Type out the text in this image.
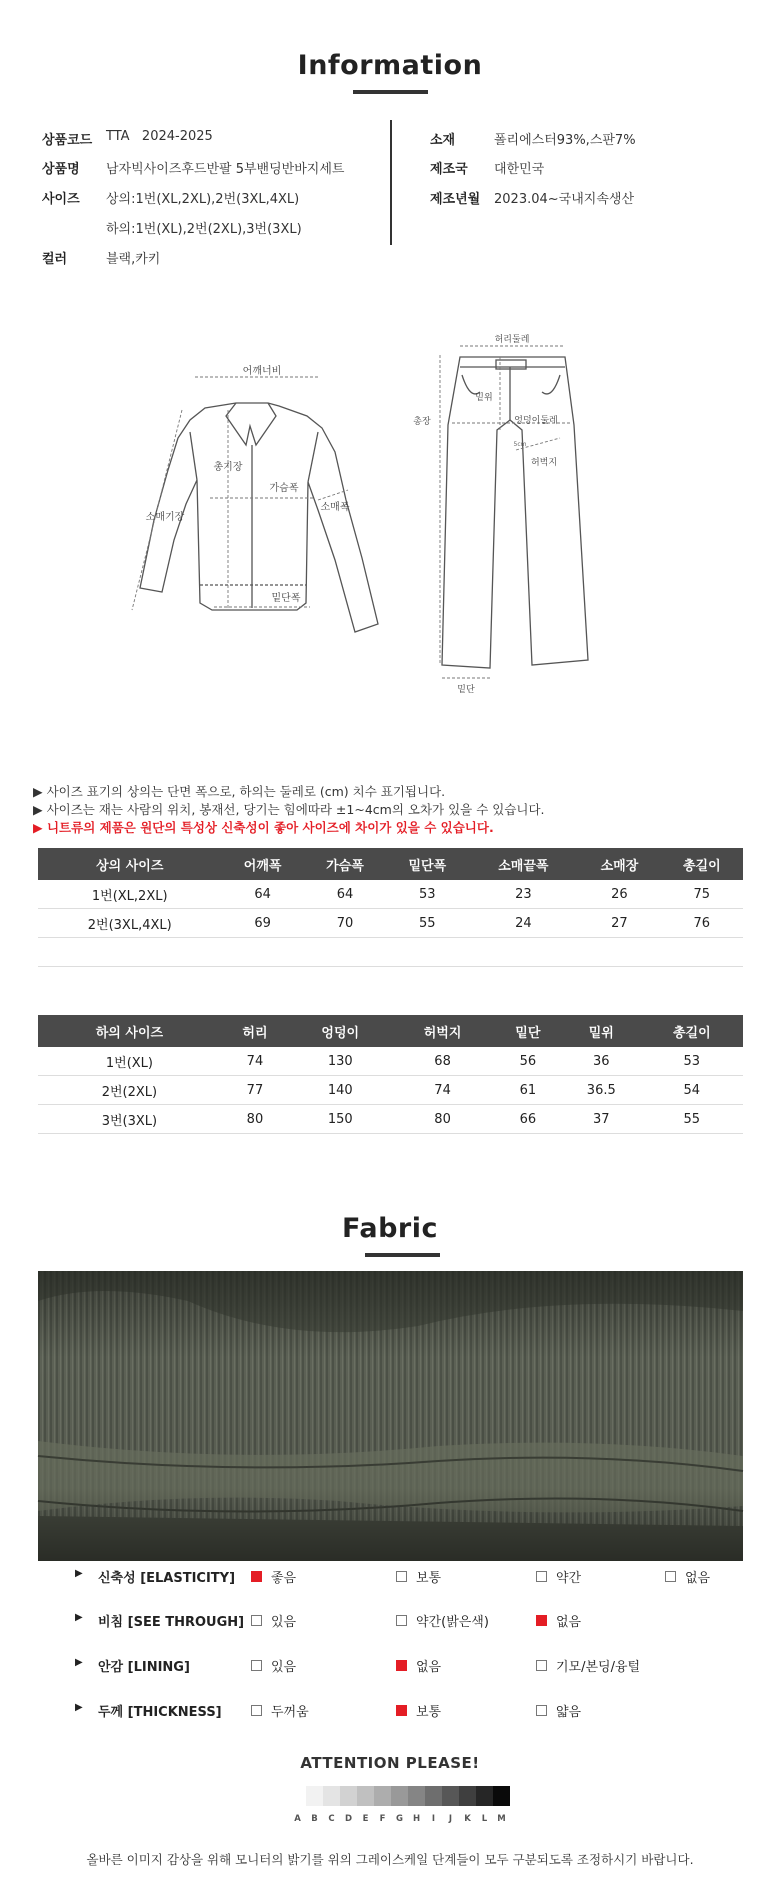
Information
상품코드	TTA   2024-2025
상품명	남자빅사이즈후드반팔 5부밴딩반바지세트
사이즈	상의:1번(XL,2XL),2번(3XL,4XL)
하의:1번(XL),2번(2XL),3번(3XL)
컬러	블랙,카키
소재	폴리에스터93%,스판7%
제조국	대한민국
제조년월	2023.04~국내지속생산
어깨너비
총기장
가슴폭
소매기장
소매폭
밑단폭
허리둘레
밑위
엉덩이둘레
5cm
허벅지
총장
밑단
▶ 사이즈 표기의 상의는 단면 폭으로, 하의는 둘레로 (cm) 치수 표기됩니다.
▶ 사이즈는 재는 사람의 위치, 봉재선, 당기는 힘에따라 ±1~4cm의 오차가 있을 수 있습니다.
▶ 니트류의 제품은 원단의 특성상 신축성이 좋아 사이즈에 차이가 있을 수 있습니다.
상의 사이즈	어깨폭	가슴폭	밑단폭	소매끝폭	소매장	총길이
1번(XL,2XL)	64	64	53	23	26	75
2번(3XL,4XL)	69	70	55	24	27	76

하의 사이즈	허리	엉덩이	허벅지	밑단	밑위	총길이
1번(XL)	74	130	68	56	36	53
2번(2XL)	77	140	74	61	36.5	54
3번(3XL)	80	150	80	66	37	55
Fabric
▶ 신축성 [ELASTICITY]	좋음	보통	약간	없음
▶ 비침 [SEE THROUGH] 있음	약간(밝은색)	없음
▶ 안감 [LINING]	있음	없음	기모/본딩/융털
▶ 두께 [THICKNESS]	두꺼움	보통	얇음
ATTENTION PLEASE!
A	B	C	D	E	F	G	H	I	J	K	L	M
올바른 이미지 감상을 위해 모니터의 밝기를 위의 그레이스케일 단계들이 모두 구분되도록 조정하시기 바랍니다.
